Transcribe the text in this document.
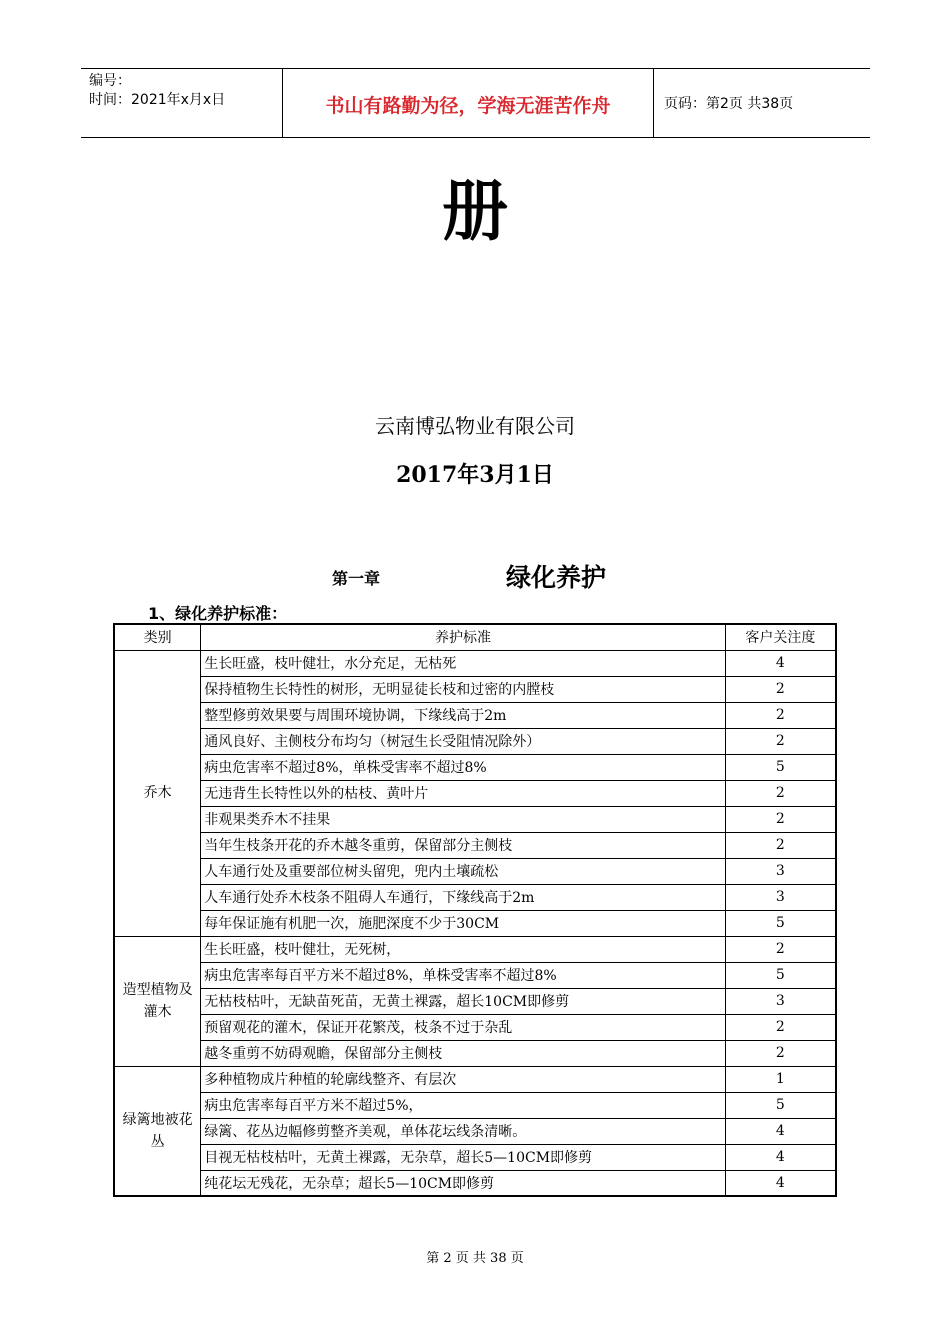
编号：
时间：2021年x月x日	书山有路勤为径，学海无涯苦作舟	页码：第2页 共38页
册
云南博弘物业有限公司
2017年3月1日
第一章	绿化养护
1、绿化养护标准：
类别	养护标准	客户关注度
乔木	生长旺盛，枝叶健壮，水分充足，无枯死	4
	保持植物生长特性的树形，无明显徒长枝和过密的内膛枝	2
	整型修剪效果要与周围环境协调，下缘线高于2m	2
	通风良好、主侧枝分布均匀（树冠生长受阻情况除外）	2
	病虫危害率不超过8%，单株受害率不超过8%	5
	无违背生长特性以外的枯枝、黄叶片	2
	非观果类乔木不挂果	2
	当年生枝条开花的乔木越冬重剪，保留部分主侧枝	2
	人车通行处及重要部位树头留兜，兜内土壤疏松	3
	人车通行处乔木枝条不阻碍人车通行，下缘线高于2m	3
	每年保证施有机肥一次，施肥深度不少于30CM	5
造型植物及灌木	生长旺盛，枝叶健壮，无死树，	2
	病虫危害率每百平方米不超过8%，单株受害率不超过8%	5
	无枯枝枯叶，无缺苗死苗，无黄土裸露，超长10CM即修剪	3
	预留观花的灌木，保证开花繁茂，枝条不过于杂乱	2
	越冬重剪不妨碍观瞻，保留部分主侧枝	2
绿篱地被花丛	多种植物成片种植的轮廓线整齐、有层次	1
	病虫危害率每百平方米不超过5%，	5
	绿篱、花丛边幅修剪整齐美观，单体花坛线条清晰。	4
	目视无枯枝枯叶，无黄土裸露，无杂草，超长5—10CM即修剪	4
	纯花坛无残花，无杂草；超长5—10CM即修剪	4
第 2 页 共 38 页
